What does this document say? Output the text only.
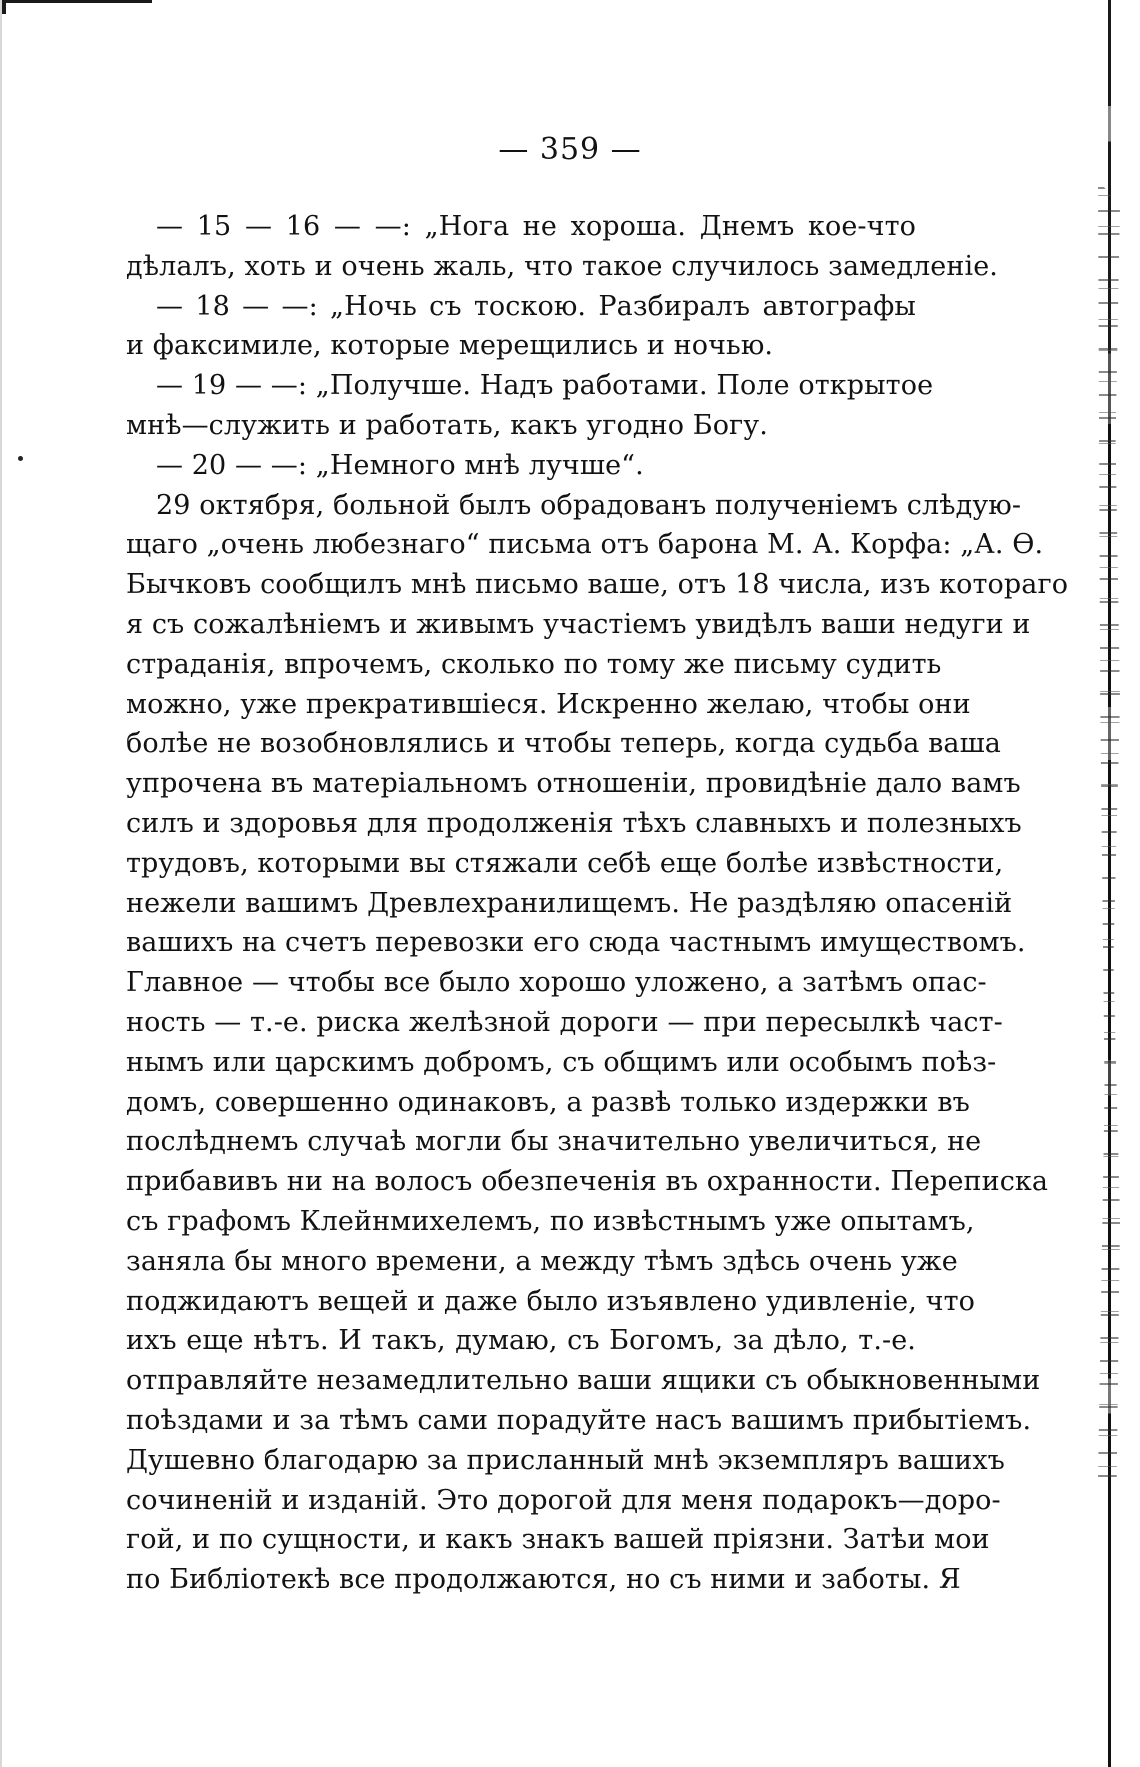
— 359 —
— 15 — 16 — —: „Нога не хороша. Днемъ кое-что
дѣлалъ, хоть и очень жаль, что такое случилось замедленіе.
— 18 — —: „Ночь съ тоскою. Разбиралъ автографы
и факсимиле, которые мерещились и ночью.
— 19 — —: „Получше. Надъ работами. Поле открытое
мнѣ—служить и работать, какъ угодно Богу.
— 20 — —: „Немного мнѣ лучше“.
29 октября, больной былъ обрадованъ полученіемъ слѣдую-
щаго „очень любезнаго“ письма отъ барона М. А. Корфа: „А. Ѳ.
Бычковъ сообщилъ мнѣ письмо ваше, отъ 18 числа, изъ котораго
я съ сожалѣніемъ и живымъ участіемъ увидѣлъ ваши недуги и
страданія, впрочемъ, сколько по тому же письму судить
можно, уже прекратившіеся. Искренно желаю, чтобы они
болѣе не возобновлялись и чтобы теперь, когда судьба ваша
упрочена въ матеріальномъ отношеніи, провидѣніе дало вамъ
силъ и здоровья для продолженія тѣхъ славныхъ и полезныхъ
трудовъ, которыми вы стяжали себѣ еще болѣе извѣстности,
нежели вашимъ Древлехранилищемъ. Не раздѣляю опасеній
вашихъ на счетъ перевозки его сюда частнымъ имуществомъ.
Главное — чтобы все было хорошо уложено, а затѣмъ опас-
ность — т.-е. риска желѣзной дороги — при пересылкѣ част-
нымъ или царскимъ добромъ, съ общимъ или особымъ поѣз-
домъ, совершенно одинаковъ, а развѣ только издержки въ
послѣднемъ случаѣ могли бы значительно увеличиться, не
прибавивъ ни на волосъ обезпеченія въ охранности. Переписка
съ графомъ Клейнмихелемъ, по извѣстнымъ уже опытамъ,
заняла бы много времени, а между тѣмъ здѣсь очень уже
поджидаютъ вещей и даже было изъявлено удивленіе, что
ихъ еще нѣтъ. И такъ, думаю, съ Богомъ, за дѣло, т.-е.
отправляйте незамедлительно ваши ящики съ обыкновенными
поѣздами и за тѣмъ сами порадуйте насъ вашимъ прибытіемъ.
Душевно благодарю за присланный мнѣ экземпляръ вашихъ
сочиненій и изданій. Это дорогой для меня подарокъ—доро-
гой, и по сущности, и какъ знакъ вашей пріязни. Затѣи мои
по Библіотекѣ все продолжаются, но съ ними и заботы. Я
